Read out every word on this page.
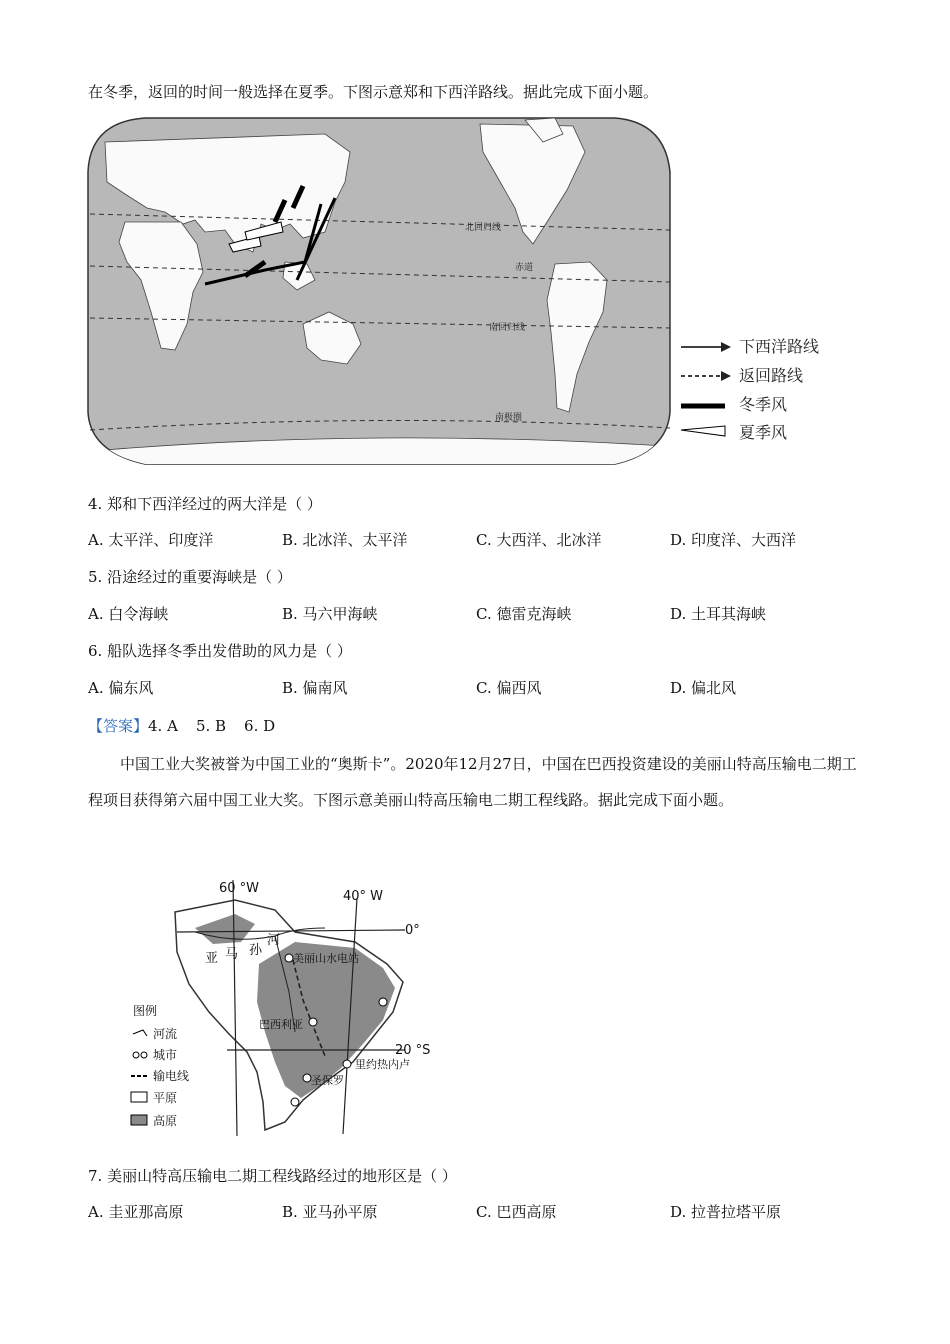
在冬季，返回的时间一般选择在夏季。下图示意郑和下西洋路线。据此完成下面小题。
北回归线
赤道
南回归线
南极圈
下西洋路线
返回路线
冬季风
夏季风
4. 郑和下西洋经过的两大洋是（ ）
A. 太平洋、印度洋	B. 北冰洋、太平洋	C. 大西洋、北冰洋	D. 印度洋、大西洋
5. 沿途经过的重要海峡是（ ）
A. 白令海峡	B. 马六甲海峡	C. 德雷克海峡	D. 土耳其海峡
6. 船队选择冬季出发借助的风力是（ ）
A. 偏东风	B. 偏南风	C. 偏西风	D. 偏北风
【答案】4. A 5. B 6. D
中国工业大奖被誉为中国工业的“奥斯卡”。2020年12月27日，中国在巴西投资建设的美丽山特高压输电二期工程项目获得第六届中国工业大奖。下图示意美丽山特高压输电二期工程线路。据此完成下面小题。
60 °W
40° W
0°
20 °S
河
亚 马 孙
美丽山水电站
巴西利亚
里约热内卢
圣保罗
图例
河流
城市
输电线
平原
高原
7. 美丽山特高压输电二期工程线路经过的地形区是（ ）
A. 圭亚那高原	B. 亚马孙平原	C. 巴西高原	D. 拉普拉塔平原
